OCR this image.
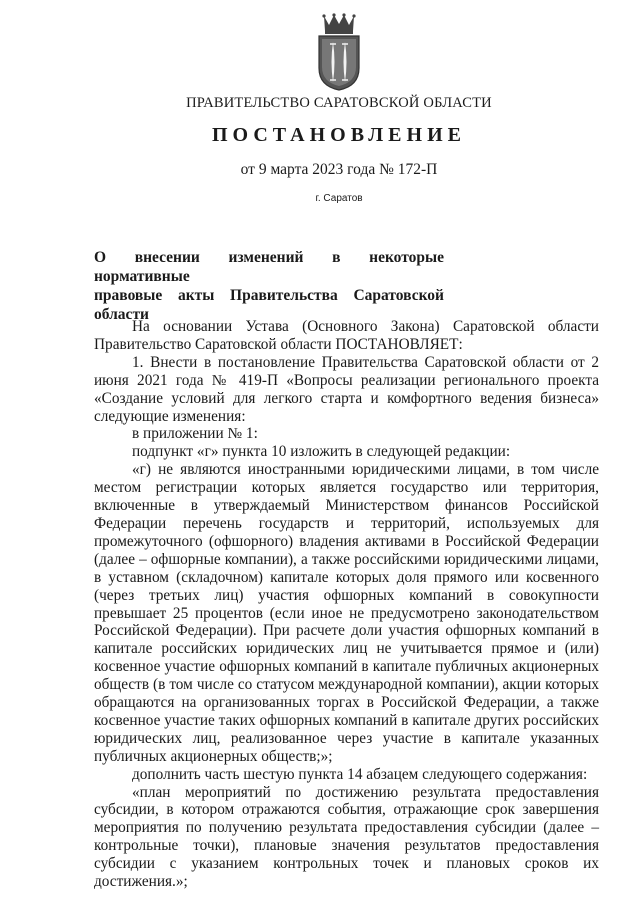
ПРАВИТЕЛЬСТВО САРАТОВСКОЙ ОБЛАСТИ
ПОСТАНОВЛЕНИЕ
от 9 марта 2023 года № 172-П
г. Саратов
О внесении изменений в некоторые нормативные
правовые акты Правительства Саратовской области

На основании Устава (Основного Закона) Саратовской области Правительство Саратовской области ПОСТАНОВЛЯЕТ:

1. Внести в постановление Правительства Саратовской области от 2 июня 2021 года № 419-П «Вопросы реализации регионального проекта «Создание условий для легкого старта и комфортного ведения бизнеса» следующие изменения:

в приложении № 1:

подпункт «г» пункта 10 изложить в следующей редакции:

«г) не являются иностранными юридическими лицами, в том числе местом регистрации которых является государство или территория, включенные в утверждаемый Министерством финансов Российской Федерации перечень государств и территорий, используемых для промежуточного (офшорного) владения активами в Российской Федерации (далее – офшорные компании), а также российскими юридическими лицами, в уставном (складочном) капитале которых доля прямого или косвенного (через третьих лиц) участия офшорных компаний в совокупности превышает 25 процентов (если иное не предусмотрено законодательством Российской Федерации). При расчете доли участия офшорных компаний в капитале российских юридических лиц не учитывается прямое и (или) косвенное участие офшорных компаний в капитале публичных акционерных обществ (в том числе со статусом международной компании), акции которых обращаются на организованных торгах в Российской Федерации, а также косвенное участие таких офшорных компаний в капитале других российских юридических лиц, реализованное через участие в капитале указанных публичных акционерных обществ;»;

дополнить часть шестую пункта 14 абзацем следующего содержания:

«план мероприятий по достижению результата предоставления субсидии, в котором отражаются события, отражающие срок завершения мероприятия по получению результата предоставления субсидии (далее – контрольные точки), плановые значения результатов предоставления субсидии с указанием контрольных точек и плановых сроков их достижения.»;
